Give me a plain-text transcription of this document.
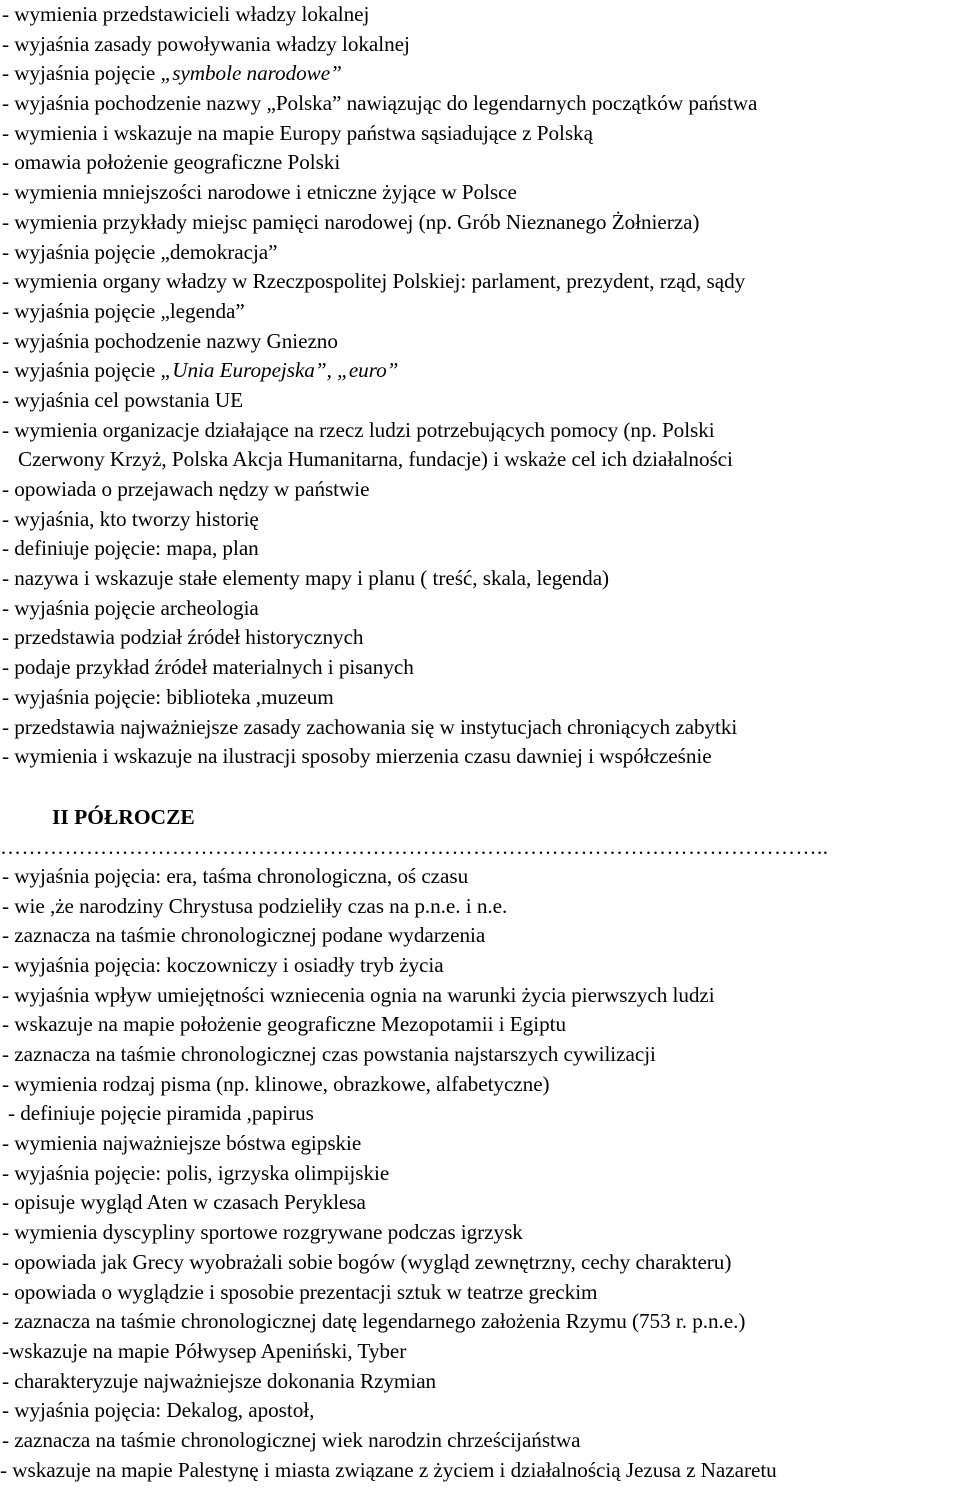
- wymienia przedstawicieli władzy lokalnej
- wyjaśnia zasady powoływania władzy lokalnej
- wyjaśnia pojęcie „symbole narodowe”
- wyjaśnia pochodzenie nazwy „Polska” nawiązując do legendarnych początków państwa
- wymienia i wskazuje na mapie Europy państwa sąsiadujące z Polską
- omawia położenie geograficzne Polski
- wymienia mniejszości narodowe i etniczne żyjące w Polsce
- wymienia przykłady miejsc pamięci narodowej (np. Grób Nieznanego Żołnierza)
- wyjaśnia pojęcie „demokracja”
- wymienia organy władzy w Rzeczpospolitej Polskiej: parlament, prezydent, rząd, sądy
- wyjaśnia pojęcie „legenda”
- wyjaśnia pochodzenie nazwy Gniezno
- wyjaśnia pojęcie „Unia Europejska”, „euro”
- wyjaśnia cel powstania UE
- wymienia organizacje działające na rzecz ludzi potrzebujących pomocy (np. Polski
Czerwony Krzyż, Polska Akcja Humanitarna, fundacje) i wskaże cel ich działalności
- opowiada o przejawach nędzy w państwie
- wyjaśnia, kto tworzy historię
- definiuje pojęcie: mapa, plan
- nazywa i wskazuje stałe elementy mapy i planu ( treść, skala, legenda)
- wyjaśnia pojęcie archeologia
- przedstawia podział źródeł historycznych
- podaje przykład źródeł materialnych i pisanych
- wyjaśnia pojęcie: biblioteka ,muzeum
- przedstawia najważniejsze zasady zachowania się w instytucjach chroniących zabytki
- wymienia i wskazuje na ilustracji sposoby mierzenia czasu dawniej i współcześnie
II PÓŁROCZE
……………………………………………………………………………………………………..
- wyjaśnia pojęcia: era, taśma chronologiczna, oś czasu
- wie ,że narodziny Chrystusa podzieliły czas na p.n.e. i n.e.
- zaznacza na taśmie chronologicznej podane wydarzenia
- wyjaśnia pojęcia: koczowniczy i osiadły tryb życia
- wyjaśnia wpływ umiejętności wzniecenia ognia na warunki życia pierwszych ludzi
- wskazuje na mapie położenie geograficzne Mezopotamii i Egiptu
- zaznacza na taśmie chronologicznej czas powstania najstarszych cywilizacji
- wymienia rodzaj pisma (np. klinowe, obrazkowe, alfabetyczne)
- definiuje pojęcie piramida ,papirus
- wymienia najważniejsze bóstwa egipskie
- wyjaśnia pojęcie: polis, igrzyska olimpijskie
- opisuje wygląd Aten w czasach Peryklesa
- wymienia dyscypliny sportowe rozgrywane podczas igrzysk
- opowiada jak Grecy wyobrażali sobie bogów (wygląd zewnętrzny, cechy charakteru)
- opowiada o wyglądzie i sposobie prezentacji sztuk w teatrze greckim
- zaznacza na taśmie chronologicznej datę legendarnego założenia Rzymu (753 r. p.n.e.)
-wskazuje na mapie Półwysep Apeniński, Tyber
- charakteryzuje najważniejsze dokonania Rzymian
- wyjaśnia pojęcia: Dekalog, apostoł,
- zaznacza na taśmie chronologicznej wiek narodzin chrześcijaństwa
- wskazuje na mapie Palestynę i miasta związane z życiem i działalnością Jezusa z Nazaretu
